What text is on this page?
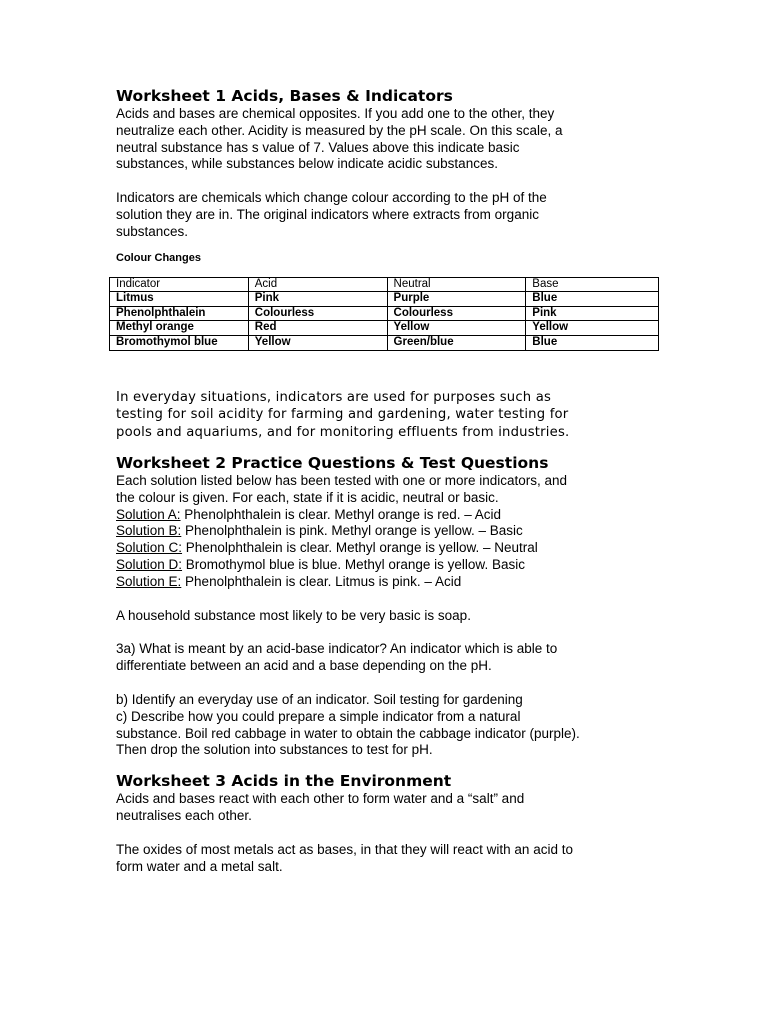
Worksheet 1 Acids, Bases & Indicators

Acids and bases are chemical opposites. If you add one to the other, they
neutralize each other. Acidity is measured by the pH scale. On this scale, a
neutral substance has s value of 7. Values above this indicate basic
substances, while substances below indicate acidic substances.

Indicators are chemicals which change colour according to the pH of the
solution they are in. The original indicators where extracts from organic
substances.

Colour Changes
Indicator	Acid	Neutral	Base
Litmus	Pink	Purple	Blue
Phenolphthalein	Colourless	Colourless	Pink
Methyl orange	Red	Yellow	Yellow
Bromothymol blue	Yellow	Green/blue	Blue

In everyday situations, indicators are used for purposes such as
testing for soil acidity for farming and gardening, water testing for
pools and aquariums, and for monitoring effluents from industries.

Worksheet 2 Practice Questions & Test Questions

Each solution listed below has been tested with one or more indicators, and
the colour is given. For each, state if it is acidic, neutral or basic.

Solution A: Phenolphthalein is clear. Methyl orange is red. – Acid
Solution B: Phenolphthalein is pink. Methyl orange is yellow. – Basic
Solution C: Phenolphthalein is clear. Methyl orange is yellow. – Neutral
Solution D: Bromothymol blue is blue. Methyl orange is yellow. Basic
Solution E: Phenolphthalein is clear. Litmus is pink. – Acid

A household substance most likely to be very basic is soap.

3a) What is meant by an acid-base indicator? An indicator which is able to
differentiate between an acid and a base depending on the pH.

b) Identify an everyday use of an indicator. Soil testing for gardening
c) Describe how you could prepare a simple indicator from a natural
substance. Boil red cabbage in water to obtain the cabbage indicator (purple).
Then drop the solution into substances to test for pH.

Worksheet 3 Acids in the Environment

Acids and bases react with each other to form water and a “salt” and
neutralises each other.

The oxides of most metals act as bases, in that they will react with an acid to
form water and a metal salt.
